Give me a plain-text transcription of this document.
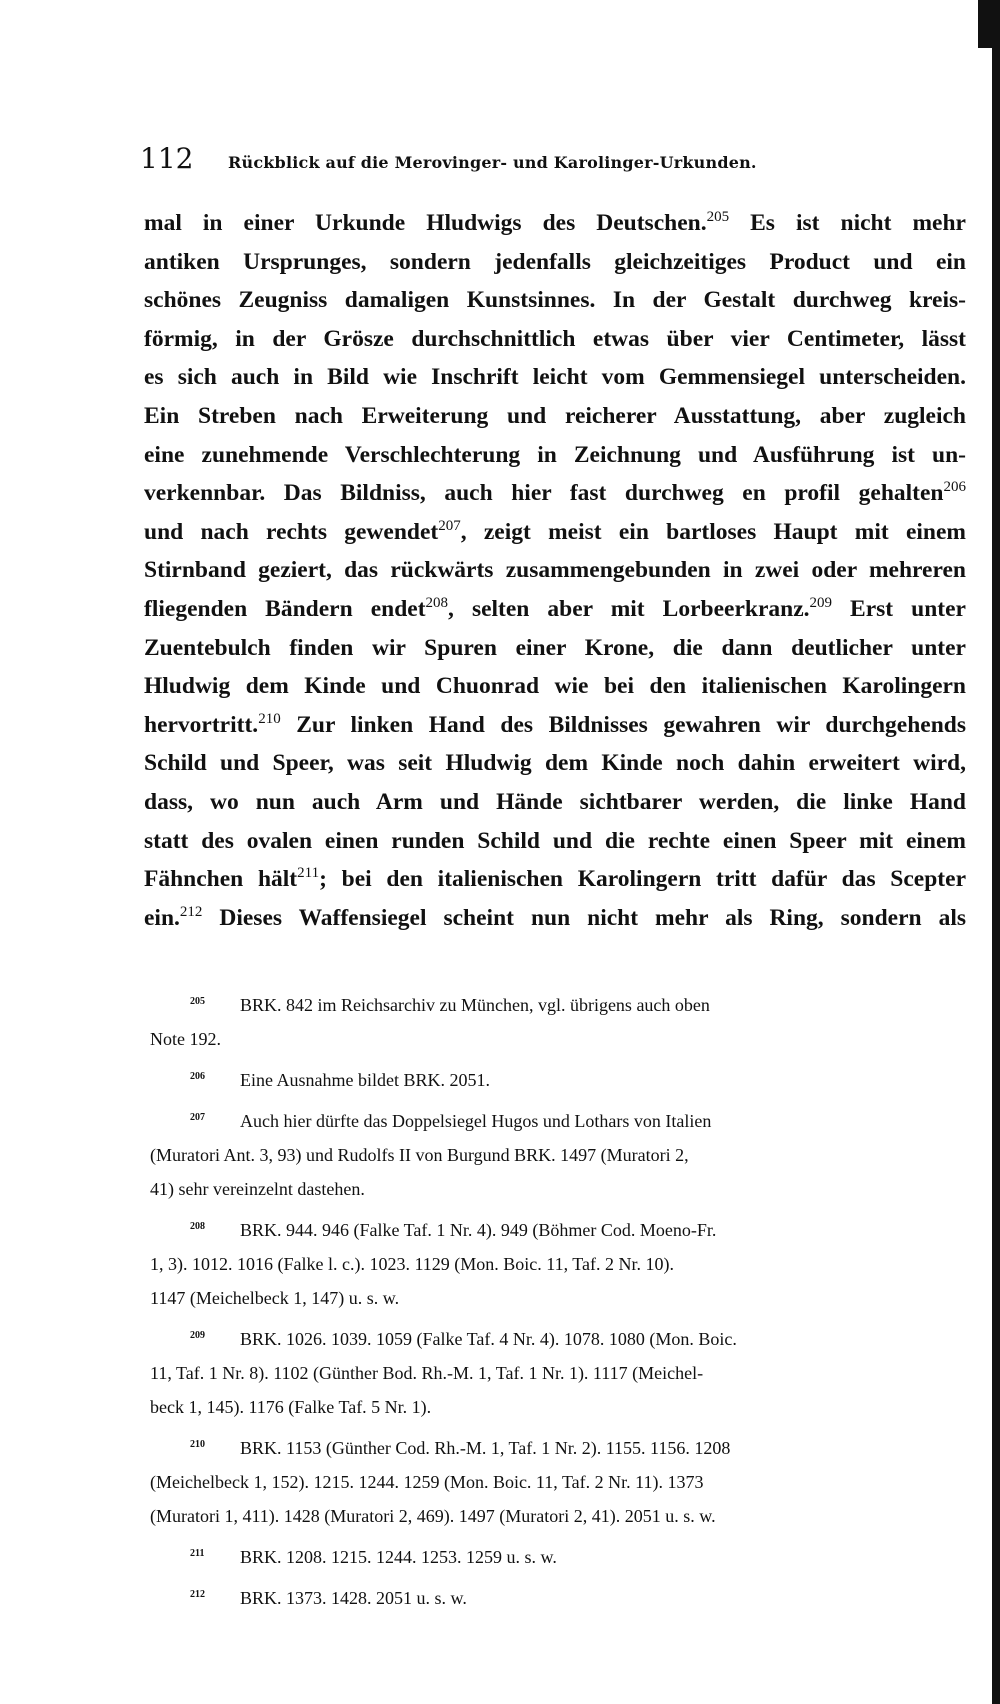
112	Rückblick auf die Merovinger- und Karolinger-Urkunden.
mal in einer Urkunde Hludwigs des Deutschen.$^{205}$ Es ist nicht mehr
antiken Ursprunges, sondern jedenfalls gleichzeitiges Product und ein
schönes Zeugniss damaligen Kunstsinnes. In der Gestalt durchweg kreis-
förmig, in der Grösze durchschnittlich etwas über vier Centimeter, lässt
es sich auch in Bild wie Inschrift leicht vom Gemmensiegel unterscheiden.
Ein Streben nach Erweiterung und reicherer Ausstattung, aber zugleich
eine zunehmende Verschlechterung in Zeichnung und Ausführung ist un-
verkennbar. Das Bildniss, auch hier fast durchweg en profil gehalten$^{206}$
und nach rechts gewendet$^{207}$, zeigt meist ein bartloses Haupt mit einem
Stirnband geziert, das rückwärts zusammengebunden in zwei oder mehreren
fliegenden Bändern endet$^{208}$, selten aber mit Lorbeerkranz.$^{209}$ Erst unter
Zuentebulch finden wir Spuren einer Krone, die dann deutlicher unter
Hludwig dem Kinde und Chuonrad wie bei den italienischen Karolingern
hervortritt.$^{210}$ Zur linken Hand des Bildnisses gewahren wir durchgehends
Schild und Speer, was seit Hludwig dem Kinde noch dahin erweitert wird,
dass, wo nun auch Arm und Hände sichtbarer werden, die linke Hand
statt des ovalen einen runden Schild und die rechte einen Speer mit einem
Fähnchen hält$^{211}$; bei den italienischen Karolingern tritt dafür das Scepter
ein.$^{212}$ Dieses Waffensiegel scheint nun nicht mehr als Ring, sondern als
205 BRK. 842 im Reichsarchiv zu München, vgl. übrigens auch oben
Note 192.
206 Eine Ausnahme bildet BRK. 2051.
207 Auch hier dürfte das Doppelsiegel Hugos und Lothars von Italien
(Muratori Ant. 3, 93) und Rudolfs II von Burgund BRK. 1497 (Muratori 2,
41) sehr vereinzelnt dastehen.
208 BRK. 944. 946 (Falke Taf. 1 Nr. 4). 949 (Böhmer Cod. Moeno-Fr.
1, 3). 1012. 1016 (Falke l. c.). 1023. 1129 (Mon. Boic. 11, Taf. 2 Nr. 10).
1147 (Meichelbeck 1, 147) u. s. w.
209 BRK. 1026. 1039. 1059 (Falke Taf. 4 Nr. 4). 1078. 1080 (Mon. Boic.
11, Taf. 1 Nr. 8). 1102 (Günther Bod. Rh.-M. 1, Taf. 1 Nr. 1). 1117 (Meichel-
beck 1, 145). 1176 (Falke Taf. 5 Nr. 1).
210 BRK. 1153 (Günther Cod. Rh.-M. 1, Taf. 1 Nr. 2). 1155. 1156. 1208
(Meichelbeck 1, 152). 1215. 1244. 1259 (Mon. Boic. 11, Taf. 2 Nr. 11). 1373
(Muratori 1, 411). 1428 (Muratori 2, 469). 1497 (Muratori 2, 41). 2051 u. s. w.
211 BRK. 1208. 1215. 1244. 1253. 1259 u. s. w.
212 BRK. 1373. 1428. 2051 u. s. w.
